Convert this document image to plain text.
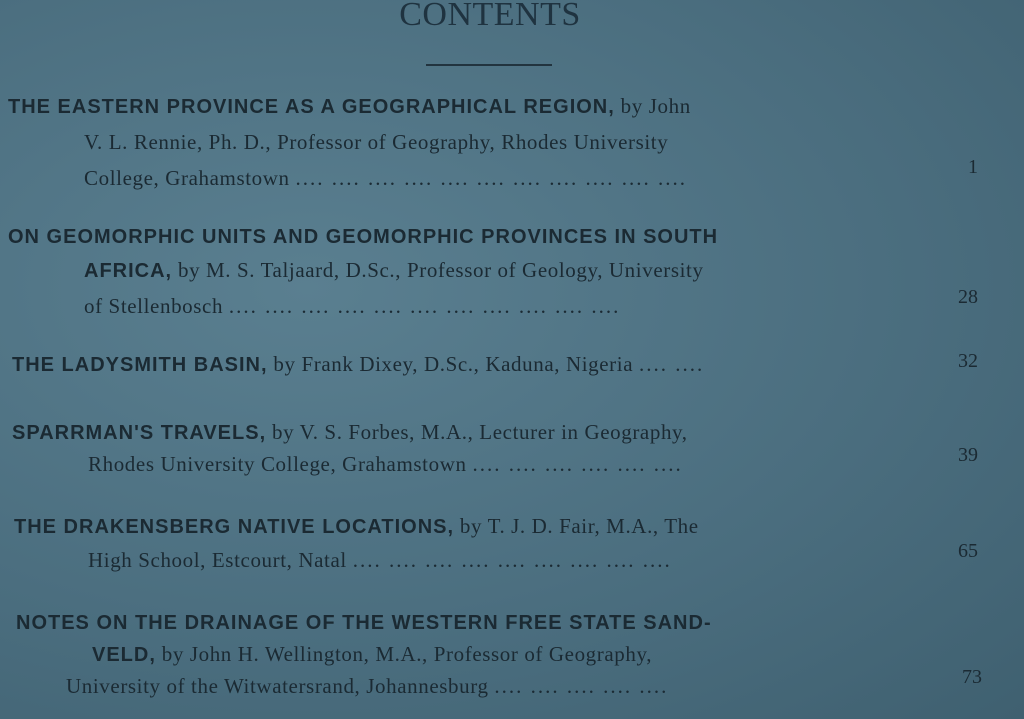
CONTENTS
THE EASTERN PROVINCE AS A GEOGRAPHICAL REGION, by John
V. L. Rennie, Ph. D., Professor of Geography, Rhodes University
College, Grahamstown .... .... .... .... .... .... .... .... .... .... ....	1
ON GEOMORPHIC UNITS AND GEOMORPHIC PROVINCES IN SOUTH
AFRICA, by M. S. Taljaard, D.Sc., Professor of Geology, University
of Stellenbosch .... .... .... .... .... .... .... .... .... .... ....	28
THE LADYSMITH BASIN, by Frank Dixey, D.Sc., Kaduna, Nigeria .... ....	32
SPARRMAN'S TRAVELS, by V. S. Forbes, M.A., Lecturer in Geography,
Rhodes University College, Grahamstown .... .... .... .... .... ....	39
THE DRAKENSBERG NATIVE LOCATIONS, by T. J. D. Fair, M.A., The
High School, Estcourt, Natal .... .... .... .... .... .... .... .... ....	65
NOTES ON THE DRAINAGE OF THE WESTERN FREE STATE SAND-
VELD, by John H. Wellington, M.A., Professor of Geography,
University of the Witwatersrand, Johannesburg .... .... .... .... ....	73
